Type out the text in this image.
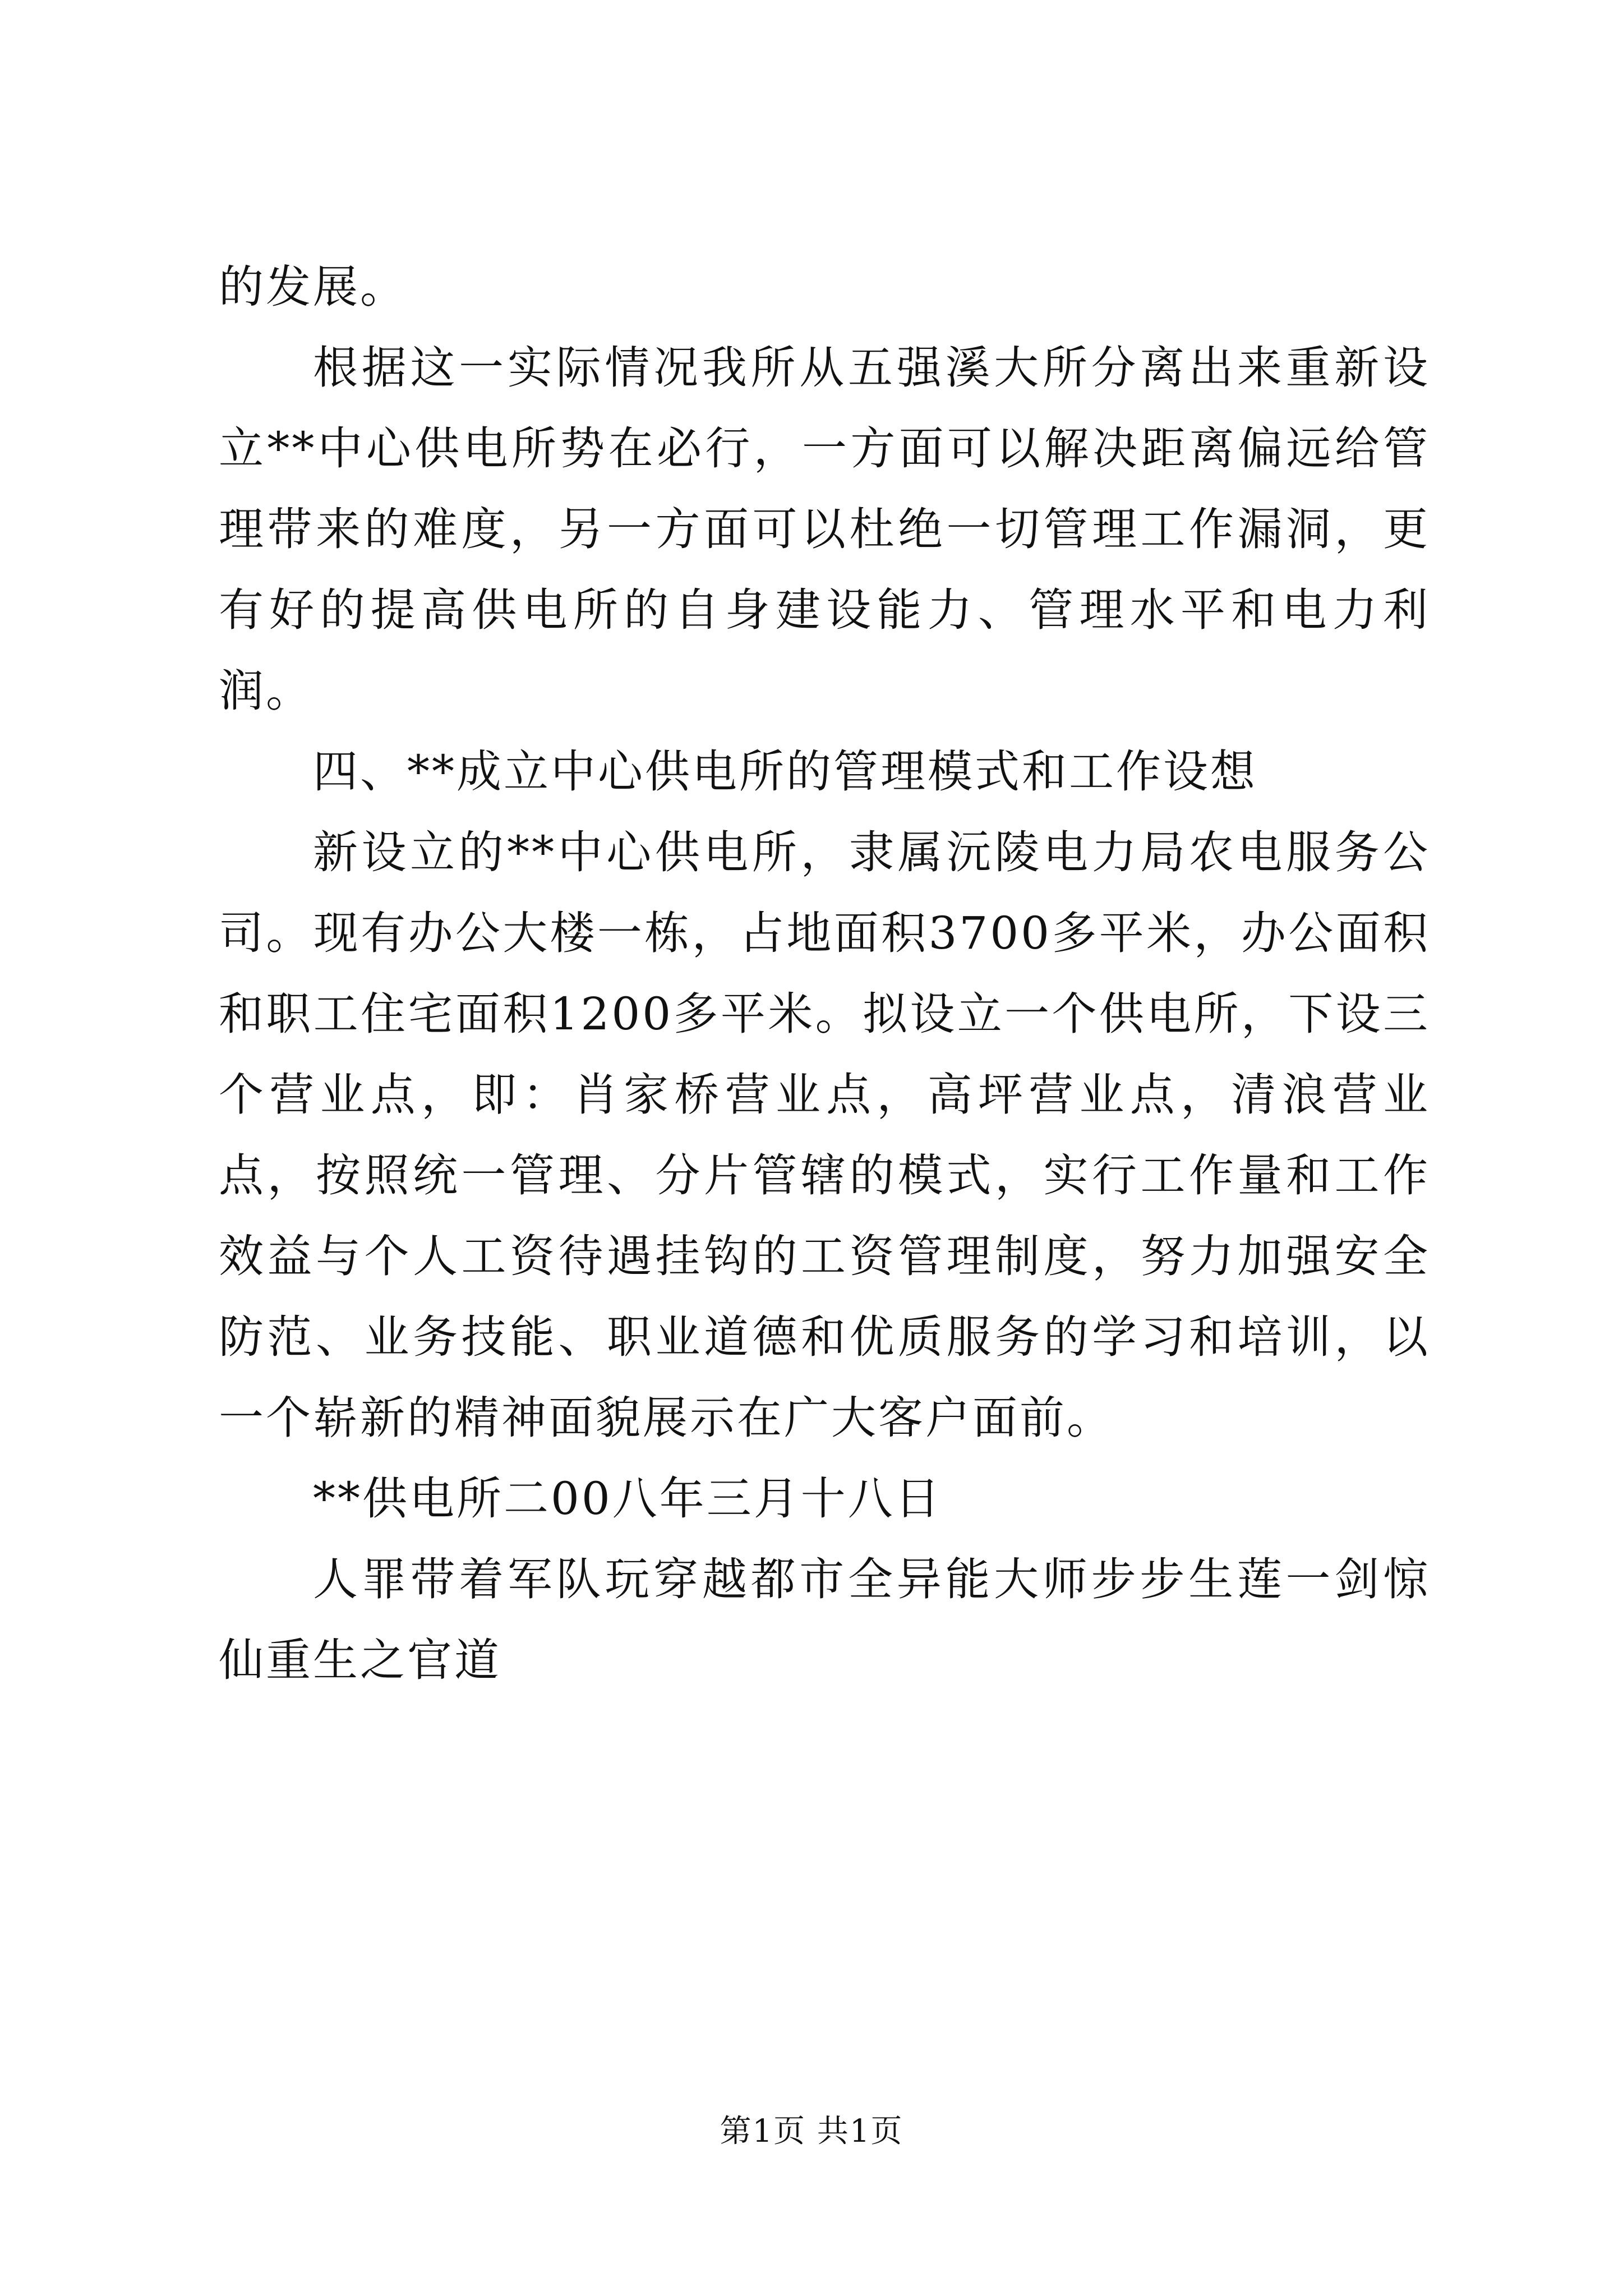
的发展。

根据这一实际情况我所从五强溪大所分离出来重新设立**中心供电所势在必行，一方面可以解决距离偏远给管理带来的难度，另一方面可以杜绝一切管理工作漏洞，更有好的提高供电所的自身建设能力、管理水平和电力利润。

四、**成立中心供电所的管理模式和工作设想

新设立的**中心供电所，隶属沅陵电力局农电服务公司。现有办公大楼一栋，占地面积3700多平米，办公面积和职工住宅面积1200多平米。拟设立一个供电所，下设三个营业点，即：肖家桥营业点，高坪营业点，清浪营业点，按照统一管理、分片管辖的模式，实行工作量和工作效益与个人工资待遇挂钩的工资管理制度，努力加强安全防范、业务技能、职业道德和优质服务的学习和培训，以一个崭新的精神面貌展示在广大客户面前。

**供电所二00八年三月十八日

人罪带着军队玩穿越都市全异能大师步步生莲一剑惊仙重生之官道

第1页 共1页
